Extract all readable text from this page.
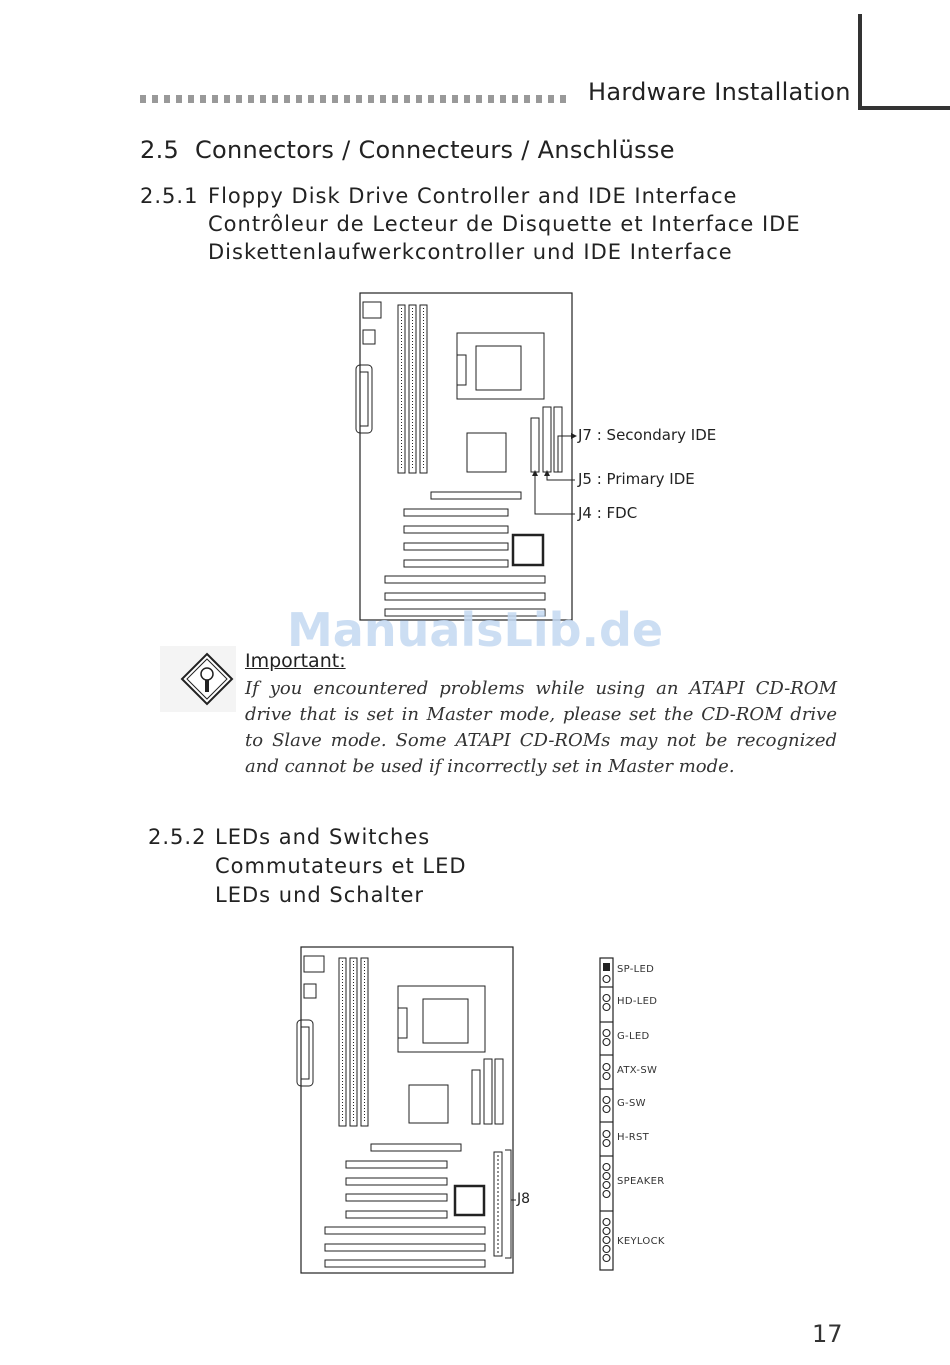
Hardware Installation
2.5 Connectors / Connecteurs / Anschlüsse
2.5.1 Floppy Disk Drive Controller and IDE Interface
Contrôleur de Lecteur de Disquette et Interface IDE
Diskettenlaufwerkcontroller und IDE Interface
J7 : Secondary IDE
J5 : Primary IDE
J4 : FDC
ManualsLib.de
Important:
If you encountered problems while using an ATAPI CD-ROM drive that is set in Master mode, please set the CD-ROM drive to Slave mode. Some ATAPI CD-ROMs may not be recognized and cannot be used if incorrectly set in Master mode.
2.5.2 LEDs and Switches
Commutateurs et LED
LEDs und Schalter
J8
SP-LED
HD-LED
G-LED
ATX-SW
G-SW
H-RST
SPEAKER
KEYLOCK
17
